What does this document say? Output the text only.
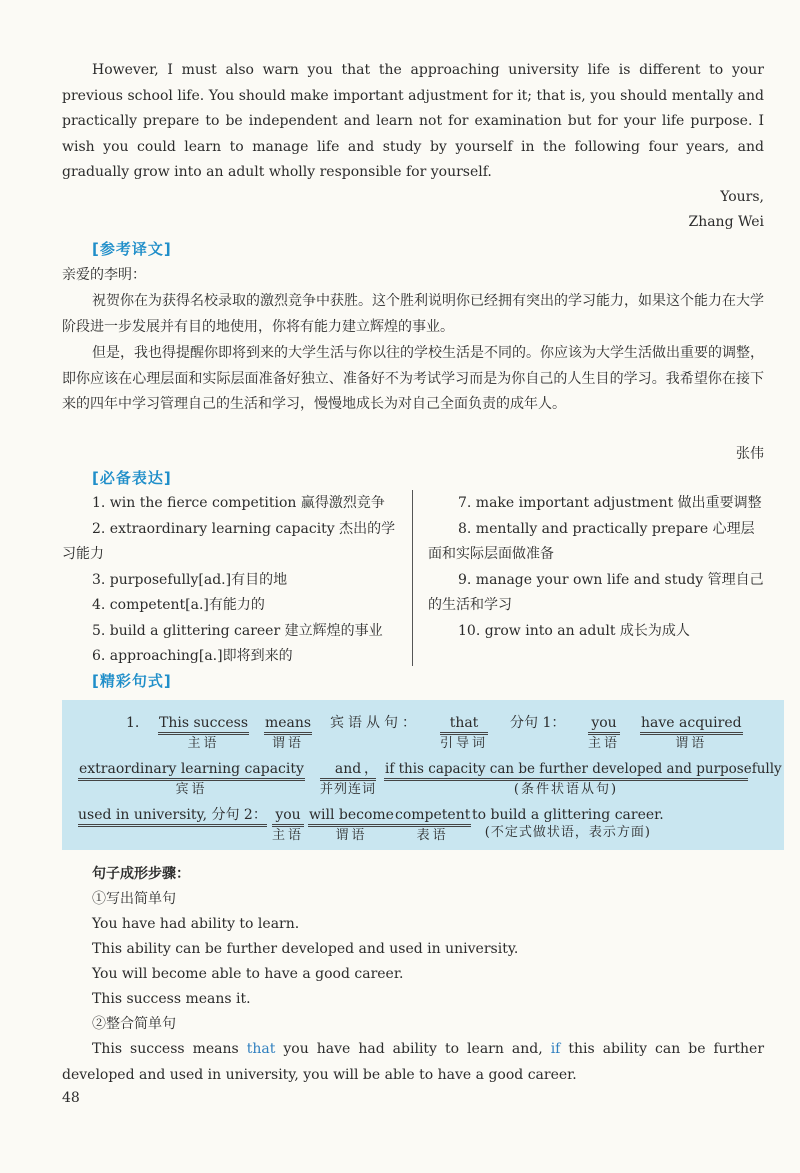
However, I must also warn you that the approaching university life is different to your previous school life. You should make important adjustment for it; that is, you should mentally and practically prepare to be independent and learn not for examination but for your life purpose. I wish you could learn to manage life and study by yourself in the following four years, and gradually grow into an adult wholly responsible for yourself.

Yours,
Zhang Wei
[参考译文]
亲爱的李明：

祝贺你在为获得名校录取的激烈竞争中获胜。这个胜利说明你已经拥有突出的学习能力，如果这个能力在大学阶段进一步发展并有目的地使用，你将有能力建立辉煌的事业。

但是，我也得提醒你即将到来的大学生活与你以往的学校生活是不同的。你应该为大学生活做出重要的调整，即你应该在心理层面和实际层面准备好独立、准备好不为考试学习而是为你自己的人生目的学习。我希望你在接下来的四年中学习管理自己的生活和学习，慢慢地成长为对自己全面负责的成年人。

张伟
[必备表达]
1. win the fierce competition 赢得激烈竞争
2. extraordinary learning capacity 杰出的学习能力
3. purposefully[ad.]有目的地
4. competent[a.]有能力的
5. build a glittering career 建立辉煌的事业
6. approaching[a.]即将到来的
7. make important adjustment 做出重要调整
8. mentally and practically prepare 心理层面和实际层面做准备
9. manage your own life and study 管理自己的生活和学习
10. grow into an adult 成长为成人
[精彩句式]
1. This success
主语
means
谓语
宾语从句：	that
引导词
分句 1： you
主语
have acquired
谓语
extraordinary learning capacity
宾语
and
并列连词
， if this capacity can be further developed and purposefully
(条件状语从句)
used in university, 分句 2： you
主语
will become
谓语
competent
表语
to build a glittering career.
(不定式做状语，表示方面)
句子成形步骤：
①写出简单句
You have had ability to learn.
This ability can be further developed and used in university.
You will become able to have a good career.
This success means it.
②整合简单句

This success means that you have had ability to learn and, if this ability can be further developed and used in university, you will be able to have a good career.

48
